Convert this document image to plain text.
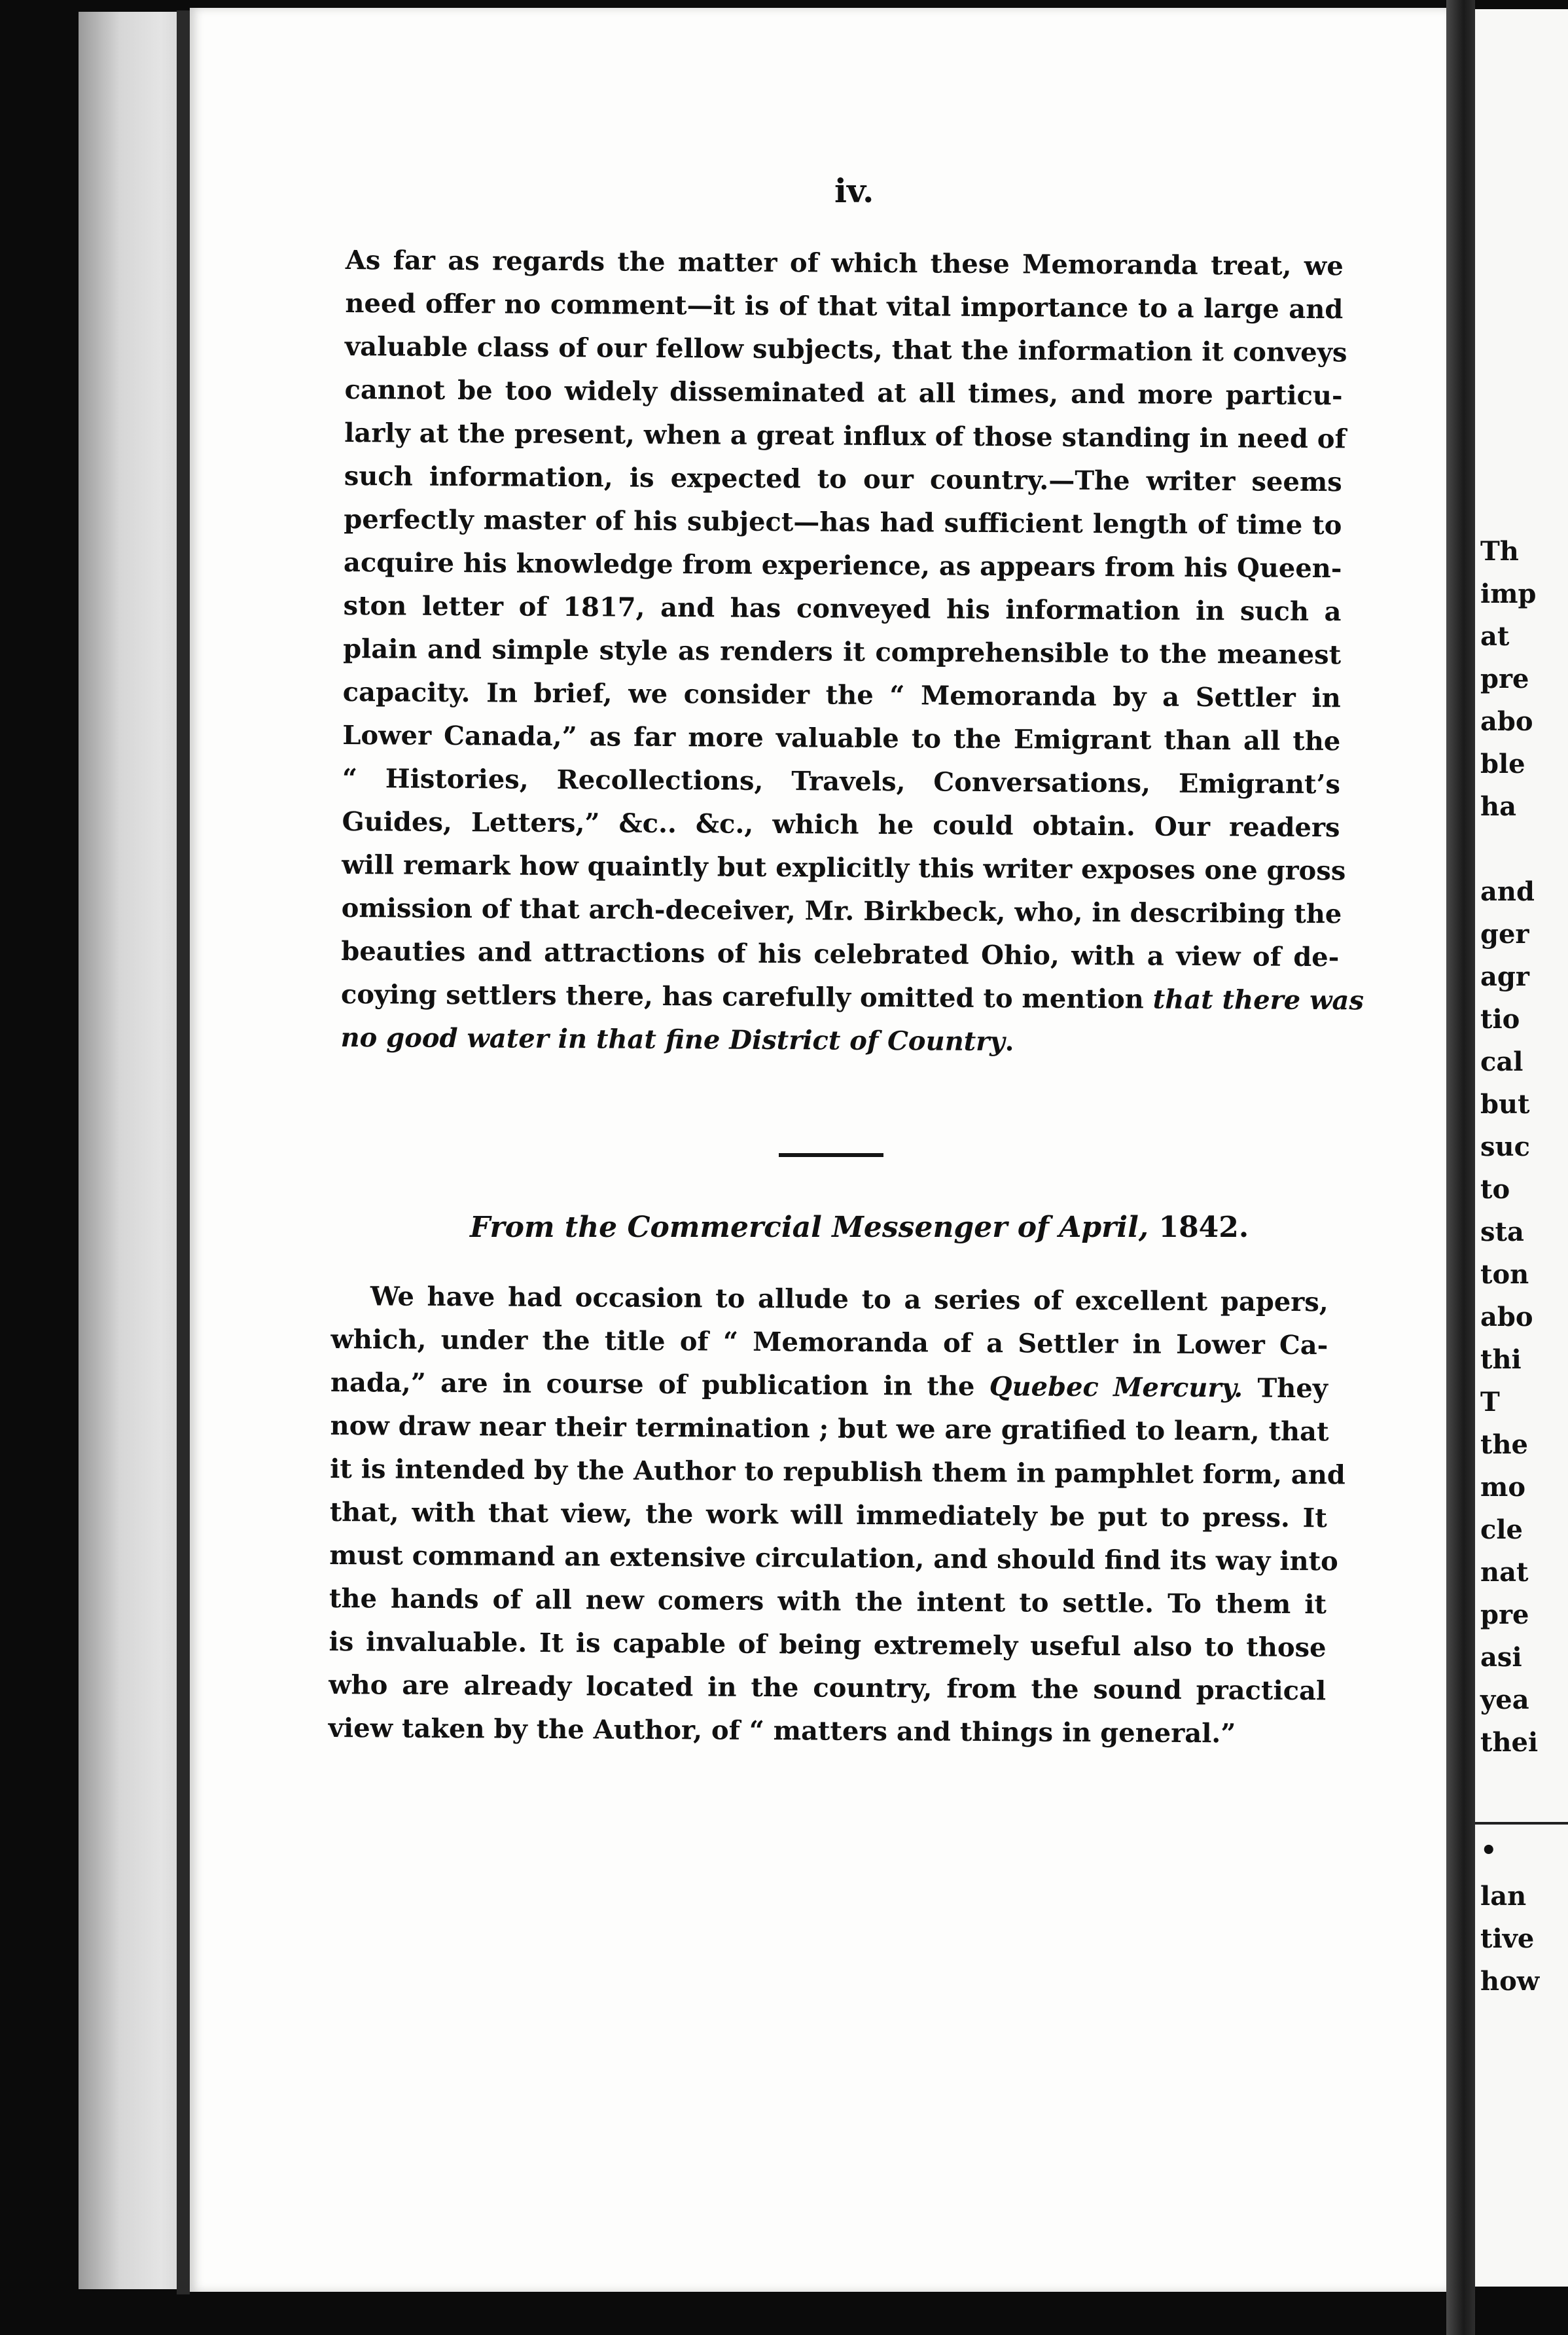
iv.
As far as regards the matter of which these Memoranda treat, we
need offer no comment—it is of that vital importance to a large and
valuable class of our fellow subjects, that the information it conveys
cannot be too widely disseminated at all times, and more particu-
larly at the present, when a great influx of those standing in need of
such information, is expected to our country.—The writer seems
perfectly master of his subject—has had sufficient length of time to
acquire his knowledge from experience, as appears from his Queen-
ston letter of 1817, and has conveyed his information in such a
plain and simple style as renders it comprehensible to the meanest
capacity. In brief, we consider the “ Memoranda by a Settler in
Lower Canada,” as far more valuable to the Emigrant than all the
“ Histories, Recollections, Travels, Conversations, Emigrant’s
Guides, Letters,” &c.. &c., which he could obtain. Our readers
will remark how quaintly but explicitly this writer exposes one gross
omission of that arch-deceiver, Mr. Birkbeck, who, in describing the
beauties and attractions of his celebrated Ohio, with a view of de-
coying settlers there, has carefully omitted to mention that there was
no good water in that fine District of Country.
From the Commercial Messenger of April, 1842.
We have had occasion to allude to a series of excellent papers,
which, under the title of “ Memoranda of a Settler in Lower Ca-
nada,” are in course of publication in the Quebec Mercury. They
now draw near their termination ; but we are gratified to learn, that
it is intended by the Author to republish them in pamphlet form, and
that, with that view, the work will immediately be put to press. It
must command an extensive circulation, and should find its way into
the hands of all new comers with the intent to settle. To them it
is invaluable. It is capable of being extremely useful also to those
who are already located in the country, from the sound practical
view taken by the Author, of “ matters and things in general.”
Th
imp
at
pre
abo
ble
ha
and
ger
agr
tio
cal
but
suc
to
sta
ton
abo
thi
T
the
mo
cle
nat
pre
asi
yea
thei
•
lan
tive
how
